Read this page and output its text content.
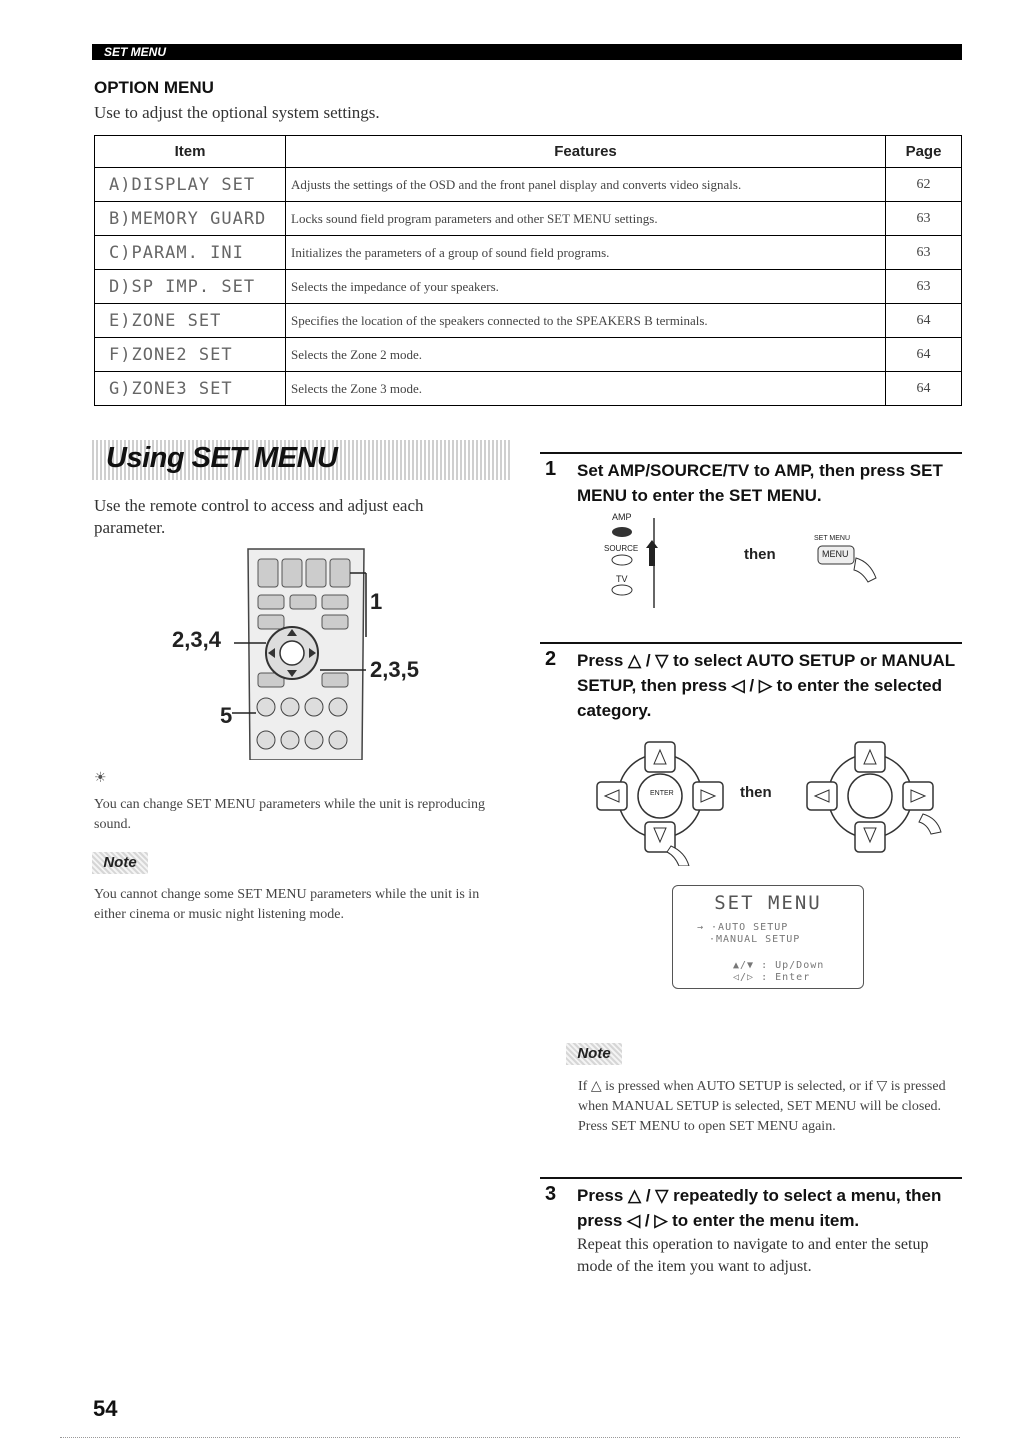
SET MENU
OPTION MENU
Use to adjust the optional system settings.
Item	Features	Page
A)DISPLAY SET	Adjusts the settings of the OSD and the front panel display and converts video signals.	62
B)MEMORY GUARD	Locks sound field program parameters and other SET MENU settings.	63
C)PARAM. INI	Initializes the parameters of a group of sound field programs.	63
D)SP IMP. SET	Selects the impedance of your speakers.	63
E)ZONE SET	Specifies the location of the speakers connected to the SPEAKERS B terminals.	64
F)ZONE2 SET	Selects the Zone 2 mode.	64
G)ZONE3 SET	Selects the Zone 3 mode.	64
Using SET MENU
Use the remote control to access and adjust each parameter.
2,3,4
1
2,3,5
5
☀
You can change SET MENU parameters while the unit is reproducing sound.
Note
You cannot change some SET MENU parameters while the unit is in either cinema or music night listening mode.
1 Set AMP/SOURCE/TV to AMP, then press SET MENU to enter the SET MENU.
AMP
SOURCE
TV
then
SET MENU
MENU
2 Press △ / ▽ to select AUTO SETUP or MANUAL SETUP, then press ◁ / ▷ to enter the selected category.
ENTER	then
SET MENU
→ ·AUTO SETUP
·MANUAL SETUP
▲/▼ : Up/Down
◁/▷ : Enter
Note
If △ is pressed when AUTO SETUP is selected, or if ▽ is pressed when MANUAL SETUP is selected, SET MENU will be closed. Press SET MENU to open SET MENU again.
3 Press △ / ▽ repeatedly to select a menu, then press ◁ / ▷ to enter the menu item.
Repeat this operation to navigate to and enter the setup mode of the item you want to adjust.
54
